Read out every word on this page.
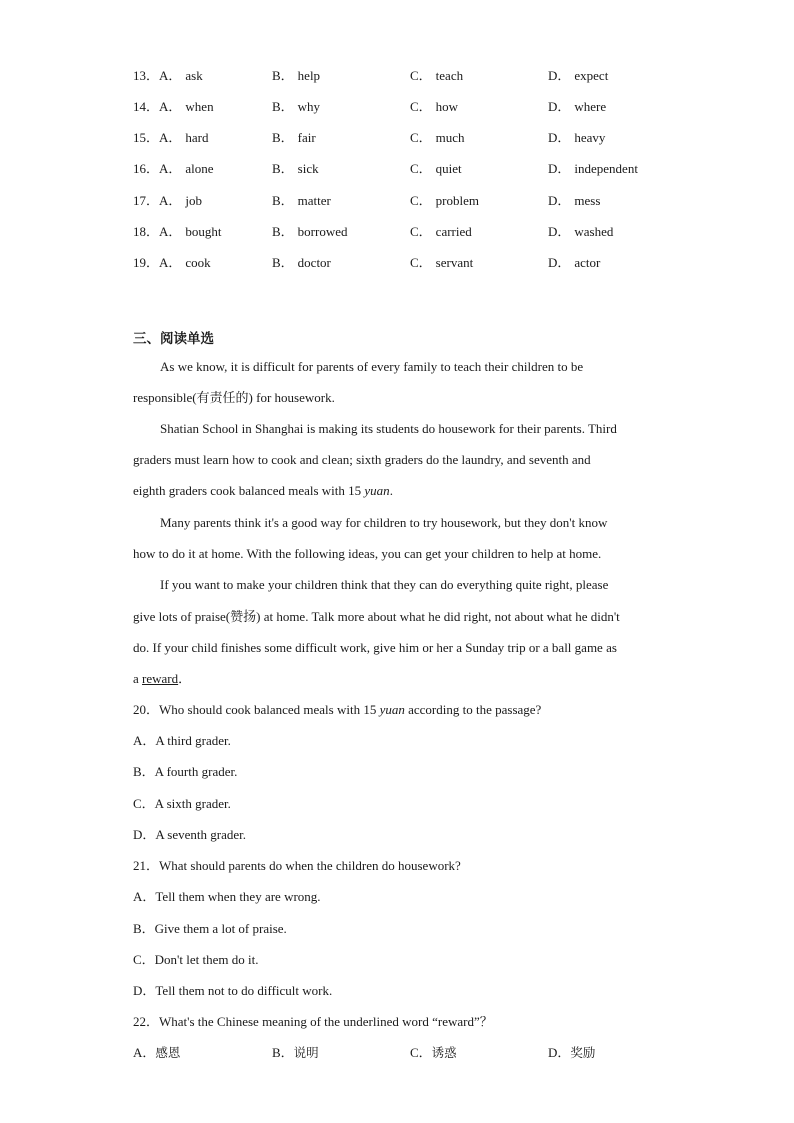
13．A． ask	B． help	C． teach	D． expect
14．A． when	B． why	C． how	D． where
15．A． hard	B． fair	C． much	D． heavy
16．A． alone	B． sick	C． quiet	D． independent
17．A． job	B． matter	C． problem	D． mess
18．A． bought	B． borrowed	C． carried	D． washed
19．A． cook	B． doctor	C． servant	D． actor
三、阅读单选
As we know, it is difficult for parents of every family to teach their children to be
responsible(有责任的) for housework.
Shatian School in Shanghai is making its students do housework for their parents. Third
graders must learn how to cook and clean; sixth graders do the laundry, and seventh and
eighth graders cook balanced meals with 15 yuan.
Many parents think it's a good way for children to try housework, but they don't know
how to do it at home. With the following ideas, you can get your children to help at home.
If you want to make your children think that they can do everything quite right, please
give lots of praise(赞扬) at home. Talk more about what he did right, not about what he didn't
do. If your child finishes some difficult work, give him or her a Sunday trip or a ball game as
a reward．
20．Who should cook balanced meals with 15 yuan according to the passage?
A．A third grader.
B．A fourth grader.
C．A sixth grader.
D．A seventh grader.
21．What should parents do when the children do housework?
A．Tell them when they are wrong.
B．Give them a lot of praise.
C．Don't let them do it.
D．Tell them not to do difficult work.
22．What's the Chinese meaning of the underlined word “reward”？
A．感恩	B．说明	C．诱惑	D．奖励
